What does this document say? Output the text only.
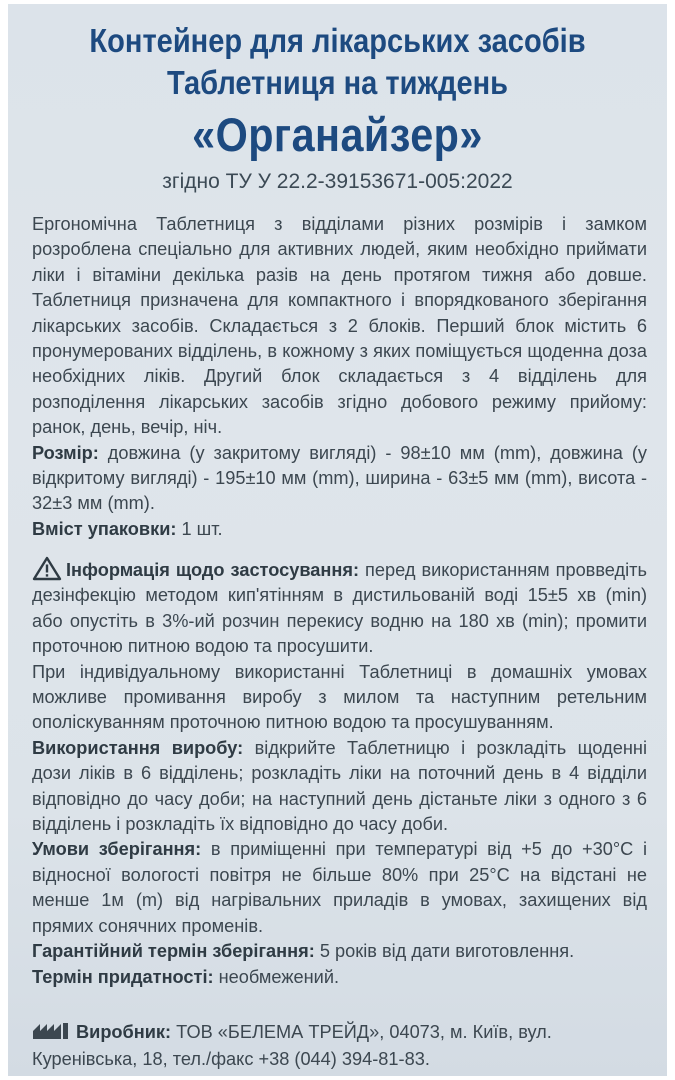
Контейнер для лікарських засобів
Таблетниця на тиждень
«Органайзер»
згідно ТУ У 22.2-39153671-005:2022

Ергономічна Таблетниця з відділами різних розмірів і замком розроблена спеціально для активних людей, яким необхідно приймати ліки і вітаміни декілька разів на день протягом тижня або довше. Таблетниця призначена для компактного і впорядкованого зберігання лікарських засобів. Складається з 2 блоків. Перший блок містить 6 пронумерованих відділень, в кожному з яких поміщується щоденна доза необхідних ліків. Другий блок складається з 4 відділень для розподілення лікарських засобів згідно добового режиму прийому: ранок, день, вечір, ніч.

Розмір: довжина (у закритому вигляді) - 98±10 мм (mm), довжина (у відкритому вигляді) - 195±10 мм (mm), ширина - 63±5 мм (mm), висота - 32±3 мм (mm).

Вміст упаковки: 1 шт.

Інформація щодо застосування: перед використанням провведіть дезінфекцію методом кип'ятінням в дистильованій воді 15±5 хв (min) або опустіть в 3%-ий розчин перекису водню на 180 хв (min); промити проточною питною водою та просушити.

При індивідуальному використанні Таблетниці в домашніх умовах можливе промивання виробу з милом та наступним ретельним ополіскуванням проточною питною водою та просушуванням.

Використання виробу: відкрийте Таблетницю і розкладіть щоденні дози ліків в 6 відділень; розкладіть ліки на поточний день в 4 відділи відповідно до часу доби; на наступний день дістаньте ліки з одного з 6 відділень і розкладіть їх відповідно до часу доби.

Умови зберігання: в приміщенні при температурі від +5 до +30°C і відносної вологості повітря не більше 80% при 25°C на відстані не менше 1м (m) від нагрівальних приладів в умовах, захищених від прямих сонячних променів.

Гарантійний термін зберігання: 5 років від дати виготовлення.

Термін придатності: необмежений.

Виробник: ТОВ «БЕЛЕМА ТРЕЙД», 04073, м. Київ, вул. Куренівська, 18, тел./факс +38 (044) 394-81-83.
